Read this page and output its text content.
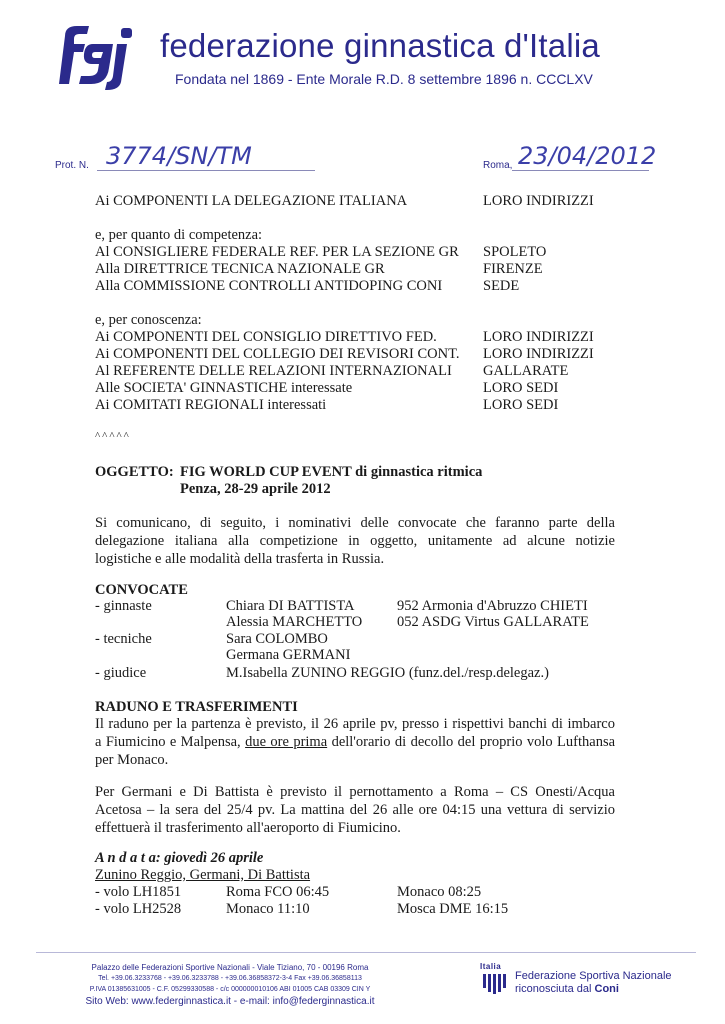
federazione ginnastica d'Italia
Fondata nel 1869 - Ente Morale R.D. 8 settembre 1896 n. CCCLXV
Prot. N. 3774/SN/TM	Roma, 23/04/2012
Ai COMPONENTI LA DELEGAZIONE ITALIANA	LORO INDIRIZZI
e, per quanto di competenza:
Al CONSIGLIERE FEDERALE REF. PER LA SEZIONE GR SPOLETO
Alla DIRETTRICE TECNICA NAZIONALE GR	FIRENZE
Alla COMMISSIONE CONTROLLI ANTIDOPING CONI	SEDE
e, per conoscenza:
Ai COMPONENTI DEL CONSIGLIO DIRETTIVO FED.	LORO INDIRIZZI
Ai COMPONENTI DEL COLLEGIO DEI REVISORI CONT. LORO INDIRIZZI
Al REFERENTE DELLE RELAZIONI INTERNAZIONALI GALLARATE
Alle SOCIETA' GINNASTICHE interessate	LORO SEDI
Ai COMITATI REGIONALI interessati	LORO SEDI
^^^^^
OGGETTO: FIG WORLD CUP EVENT di ginnastica ritmica
Penza, 28-29 aprile 2012
Si comunicano, di seguito, i nominativi delle convocate che faranno parte della
delegazione italiana alla competizione in oggetto, unitamente ad alcune notizie
logistiche e alle modalità della trasferta in Russia.
CONVOCATE
- ginnaste	Chiara DI BATTISTA	952 Armonia d'Abruzzo CHIETI
Alessia MARCHETTO 052 ASDG Virtus GALLARATE
- tecniche	Sara COLOMBO
Germana GERMANI
- giudice	M.Isabella ZUNINO REGGIO (funz.del./resp.delegaz.)
RADUNO E TRASFERIMENTI
Il raduno per la partenza è previsto, il 26 aprile pv, presso i rispettivi banchi di imbarco
a Fiumicino e Malpensa, due ore prima dell'orario di decollo del proprio volo Lufthansa
per Monaco.
Per Germani e Di Battista è previsto il pernottamento a Roma – CS Onesti/Acqua
Acetosa – la sera del 25/4 pv. La mattina del 26 alle ore 04:15 una vettura di servizio
effettuerà il trasferimento all'aeroporto di Fiumicino.
A n d a t a: giovedì 26 aprile
Zunino Reggio, Germani, Di Battista
- volo LH1851	Roma FCO 06:45	Monaco 08:25
- volo LH2528	Monaco 11:10	Mosca DME 16:15
Palazzo delle Federazioni Sportive Nazionali - Viale Tiziano, 70 - 00196 Roma
Tel. +39.06.3233768 - +39.06.3233788 - +39.06.36858372-3-4 Fax +39.06.36858113
P.IVA 01385631005 - C.F. 05299330588 - c/c 000000010106 ABI 01005 CAB 03309 CIN Y
Sito Web: www.federginnastica.it - e-mail: info@federginnastica.it
Italia
Federazione Sportiva Nazionale
riconosciuta dal Coni
